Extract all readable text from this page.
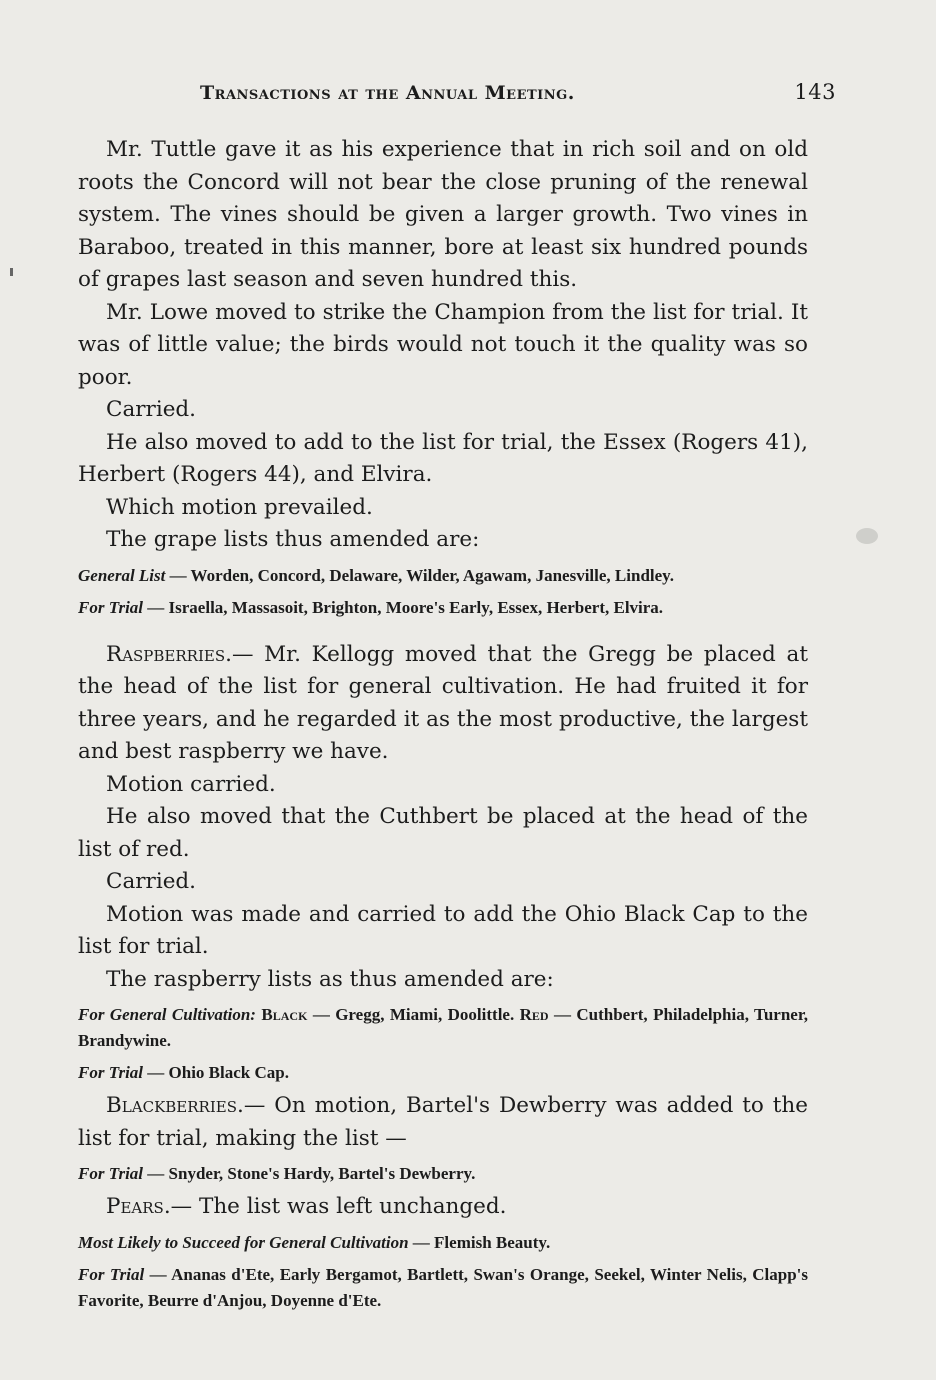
Transactions at the Annual Meeting.	143

Mr. Tuttle gave it as his experience that in rich soil and on old roots the Concord will not bear the close pruning of the renewal system. The vines should be given a larger growth. Two vines in Baraboo, treated in this manner, bore at least six hundred pounds of grapes last season and seven hundred this.

Mr. Lowe moved to strike the Champion from the list for trial. It was of little value; the birds would not touch it the quality was so poor.

Carried.

He also moved to add to the list for trial, the Essex (Rogers 41), Herbert (Rogers 44), and Elvira.

Which motion prevailed.

The grape lists thus amended are:

General List — Worden, Concord, Delaware, Wilder, Agawam, Janesville, Lindley.
For Trial — Israella, Massasoit, Brighton, Moore's Early, Essex, Herbert, Elvira.

Raspberries.— Mr. Kellogg moved that the Gregg be placed at the head of the list for general cultivation. He had fruited it for three years, and he regarded it as the most productive, the largest and best raspberry we have.

Motion carried.

He also moved that the Cuthbert be placed at the head of the list of red.

Carried.

Motion was made and carried to add the Ohio Black Cap to the list for trial.

The raspberry lists as thus amended are:

For General Cultivation: Black — Gregg, Miami, Doolittle. Red — Cuthbert, Philadelphia, Turner, Brandywine.
For Trial — Ohio Black Cap.

Blackberries.— On motion, Bartel's Dewberry was added to the list for trial, making the list —

For Trial — Snyder, Stone's Hardy, Bartel's Dewberry.

Pears.— The list was left unchanged.

Most Likely to Succeed for General Cultivation — Flemish Beauty.
For Trial — Ananas d'Ete, Early Bergamot, Bartlett, Swan's Orange, Seekel, Winter Nelis, Clapp's Favorite, Beurre d'Anjou, Doyenne d'Ete.
